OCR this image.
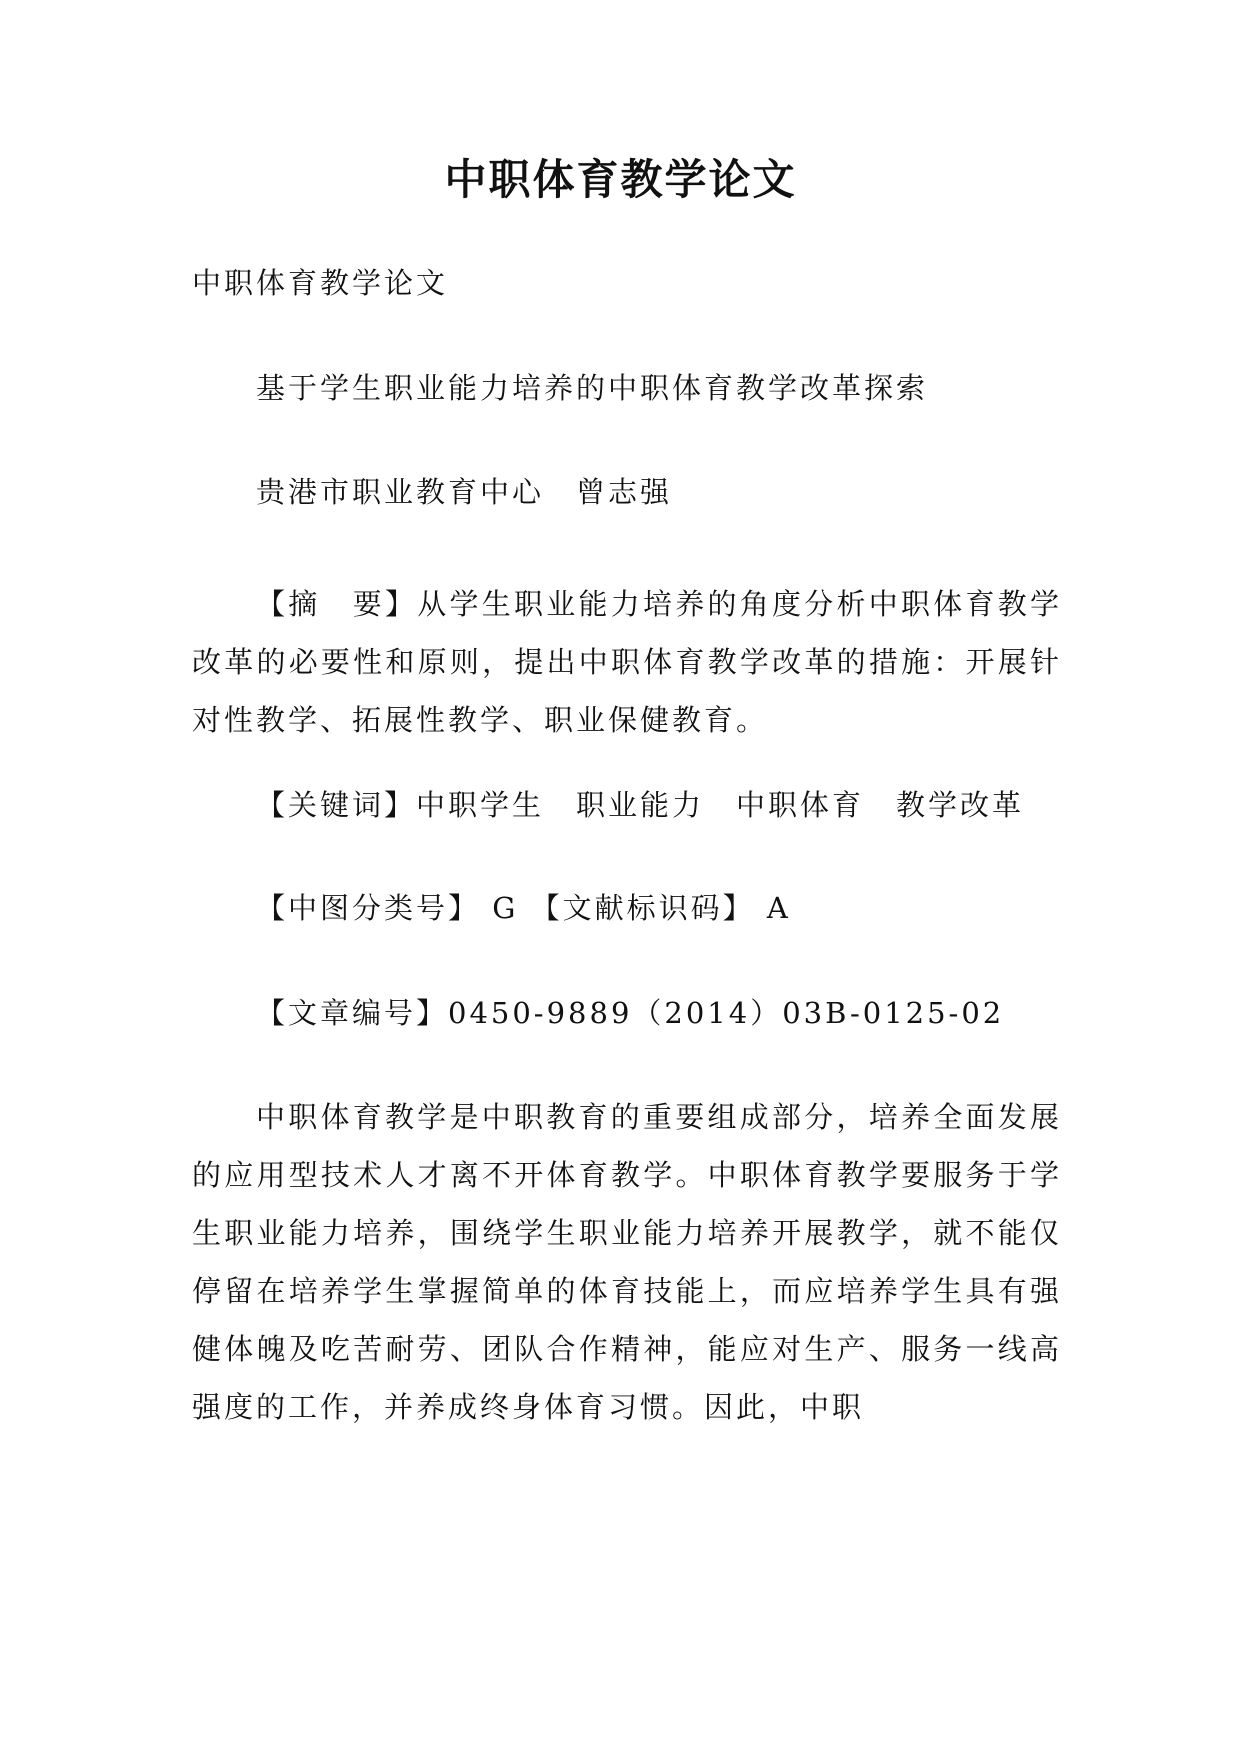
中职体育教学论文
中职体育教学论文
基于学生职业能力培养的中职体育教学改革探索
贵港市职业教育中心　曾志强
【摘　要】从学生职业能力培养的角度分析中职体育教学改革的必要性和原则，提出中职体育教学改革的措施：开展针对性教学、拓展性教学、职业保健教育。
【关键词】中职学生　职业能力　中职体育　教学改革
【中图分类号】 G 【文献标识码】 A
【文章编号】0450-9889（2014）03B-0125-02
中职体育教学是中职教育的重要组成部分，培养全面发展的应用型技术人才离不开体育教学。中职体育教学要服务于学生职业能力培养，围绕学生职业能力培养开展教学，就不能仅停留在培养学生掌握简单的体育技能上，而应培养学生具有强健体魄及吃苦耐劳、团队合作精神，能应对生产、服务一线高强度的工作，并养成终身体育习惯。因此，中职
